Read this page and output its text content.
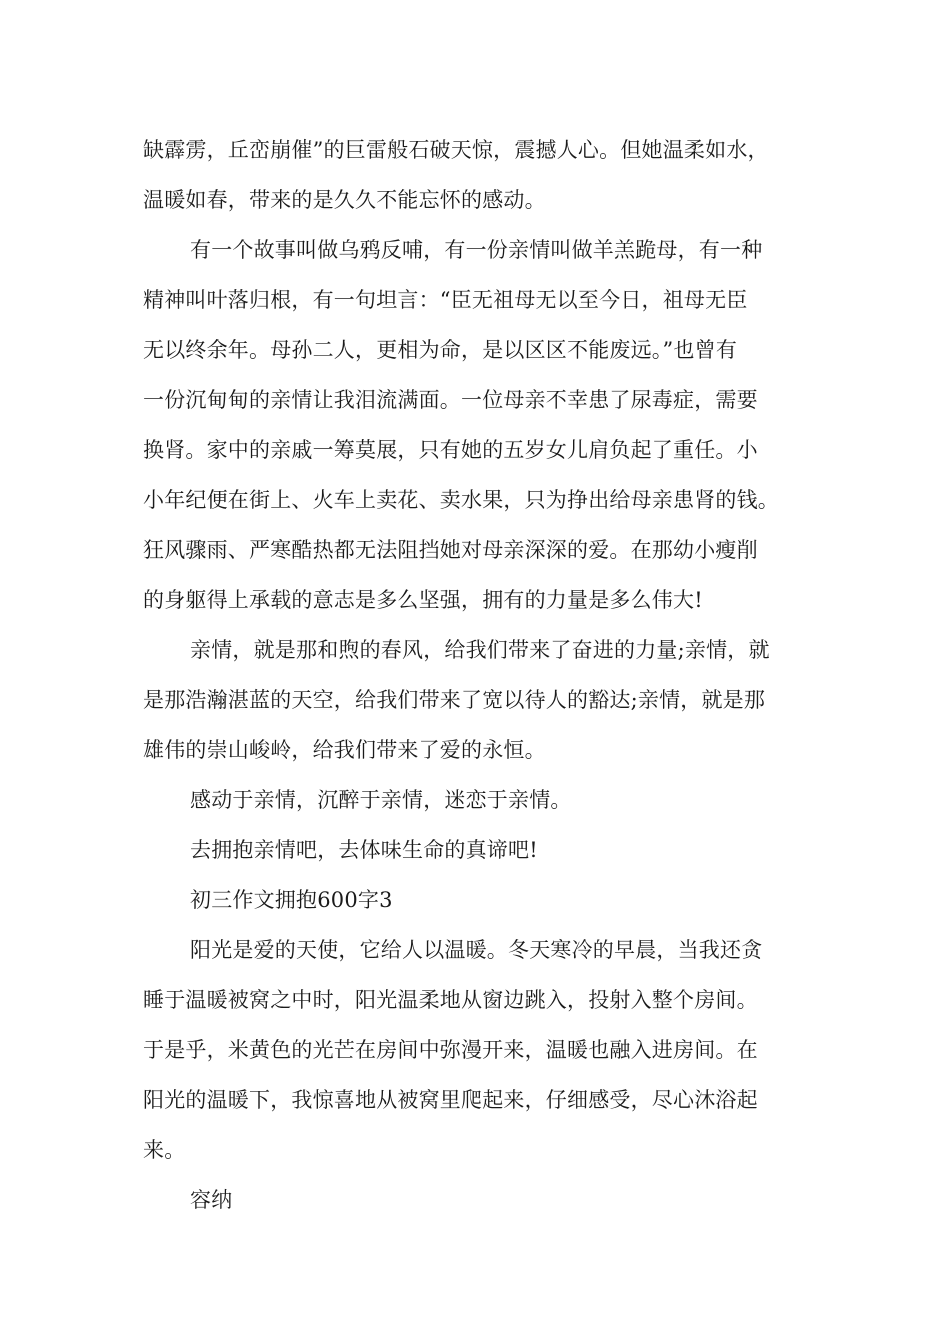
缺霹雳，丘峦崩催”的巨雷般石破天惊，震撼人心。但她温柔如水，
温暖如春，带来的是久久不能忘怀的感动。
有一个故事叫做乌鸦反哺，有一份亲情叫做羊羔跪母，有一种
精神叫叶落归根，有一句坦言：“臣无祖母无以至今日，祖母无臣
无以终余年。母孙二人，更相为命，是以区区不能废远。”也曾有
一份沉甸甸的亲情让我泪流满面。一位母亲不幸患了尿毒症，需要
换肾。家中的亲戚一筹莫展，只有她的五岁女儿肩负起了重任。小
小年纪便在街上、火车上卖花、卖水果，只为挣出给母亲患肾的钱。
狂风骤雨、严寒酷热都无法阻挡她对母亲深深的爱。在那幼小瘦削
的身躯得上承载的意志是多么坚强，拥有的力量是多么伟大!
亲情，就是那和煦的春风，给我们带来了奋进的力量;亲情，就
是那浩瀚湛蓝的天空，给我们带来了宽以待人的豁达;亲情，就是那
雄伟的崇山峻岭，给我们带来了爱的永恒。
感动于亲情，沉醉于亲情，迷恋于亲情。
去拥抱亲情吧，去体味生命的真谛吧!
初三作文拥抱600字3
阳光是爱的天使，它给人以温暖。冬天寒冷的早晨，当我还贪
睡于温暖被窝之中时，阳光温柔地从窗边跳入，投射入整个房间。
于是乎，米黄色的光芒在房间中弥漫开来，温暖也融入进房间。在
阳光的温暖下，我惊喜地从被窝里爬起来，仔细感受，尽心沐浴起
来。
容纳
